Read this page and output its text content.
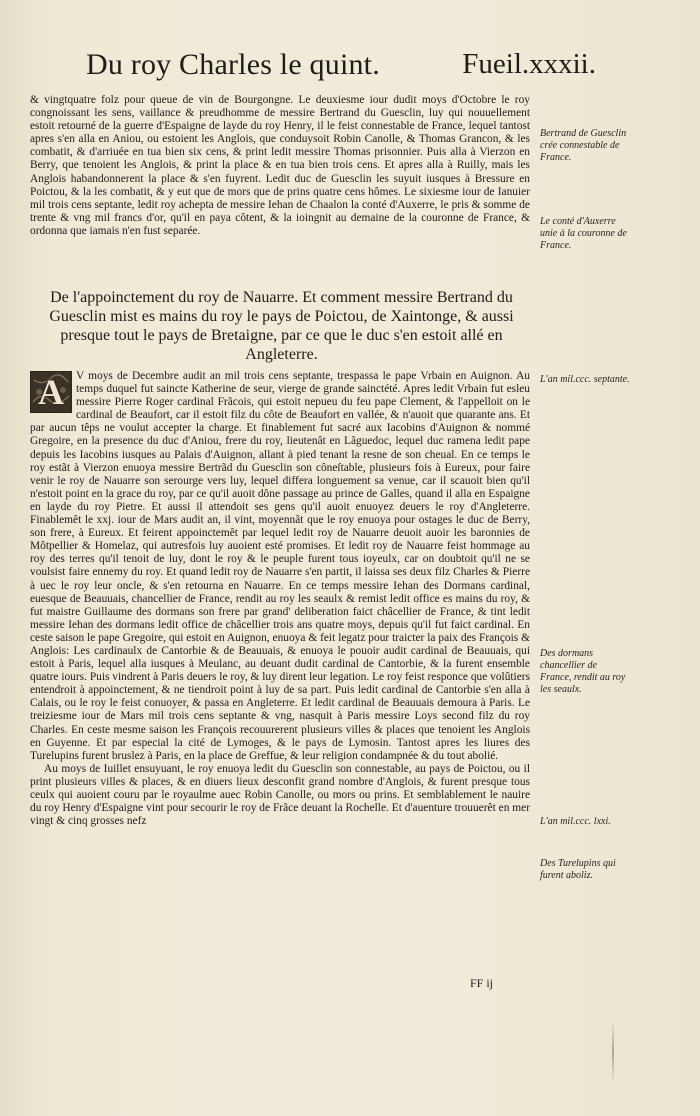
Du roy Charles le quint.	Fueil.xxxii.

& vingtquatre folz pour queue de vin de Bourgongne. Le deuxiesme iour dudit moys d'Octobre le roy congnoissant les sens, vaillance & preudhomme de messire Bertrand du Guesclin, luy qui nouuellement estoit retourné de la guerre d'Espaigne de layde du roy Henry, il le feist connestable de France, lequel tantost apres s'en alla en Aniou, ou estoient les Anglois, que conduysoit Robin Canolle, & Thomas Grancon, & les combatit, & d'arriuée en tua bien six cens, & print ledit messire Thomas prisonnier. Puis alla à Vierzon en Berry, que tenoient les Anglois, & print la place & en tua bien trois cens. Et apres alla à Ruilly, mais les Anglois habandonnerent la place & s'en fuyrent. Ledit duc de Guesclin les suyuit iusques à Bressure en Poictou, & la les combatit, & y eut que de mors que de prins quatre cens hômes. Le sixiesme iour de Ianuier mil trois cens septante, ledit roy achepta de messire Iehan de Chaalon la conté d'Auxerre, le pris & somme de trente & vng mil francs d'or, qu'il en paya côtent, & la ioingnit au demaine de la couronne de France, & ordonna que iamais n'en fust separée.

De l'appoinctement du roy de Nauarre. Et comment messire Bertrand du Guesclin mist es mains du roy le pays de Poictou, de Xaintonge, & aussi presque tout le pays de Bretaigne, par ce que le duc s'en estoit allé en Angleterre.
A	V moys de Decembre audit an mil trois cens septante, trespassa le pape Vrbain en Auignon. Au temps duquel fut saincte Katherine de seur, vierge de grande sainctété. Apres ledit Vrbain fut esleu messire Pierre Roger cardinal Frãcois, qui estoit nepueu du feu pape Clement, & l'appelloit on le cardinal de Beaufort, car il estoit filz du côte de Beaufort en vallée, & n'auoit que quarante ans. Et par aucun têps ne voulut accepter la charge. Et finablement fut sacré aux Iacobins d'Auignon & nommé Gregoire, en la presence du duc d'Aniou, frere du roy, lieutenât en Lãguedoc, lequel duc ramena ledit pape depuis les Iacobins iusques au Palais d'Auignon, allant à pied tenant la resne de son cheual. En ce temps le roy estãt à Vierzon enuoya messire Bertrãd du Guesclin son côneſtable, plusieurs fois à Eureux, pour faire venir le roy de Nauarre son serourge vers luy, lequel differa longuement sa venue, car il scauoit bien qu'il n'estoit point en la grace du roy, par ce qu'il auoit dône passage au prince de Galles, quand il alla en Espaigne en layde du roy Pietre. Et aussi il attendoit ses gens qu'il auoit enuoyez deuers le roy d'Angleterre. Finablemêt le xxj. iour de Mars audit an, il vint, moyennãt que le roy enuoya pour ostages le duc de Berry, son frere, à Eureux. Et feirent appoinctemêt par lequel ledit roy de Nauarre deuoit auoir les baronnies de Môtpellier & Homelaz, qui autresfois luy auoient esté promises. Et ledit roy de Nauarre feist hommage au roy des terres qu'il tenoit de luy, dont le roy & le peuple furent tous ioyeulx, car on doubtoit qu'il ne se voulsist faire ennemy du roy. Et quand ledit roy de Nauarre s'en partit, il laissa ses deux filz Charles & Pierre à uec le roy leur oncle, & s'en retourna en Nauarre. En ce temps messire Iehan des Dormans cardinal, euesque de Beauuais, chancellier de France, rendit au roy les seaulx & remist ledit office es mains du roy, & fut maistre Guillaume des dormans son frere par grand' deliberation faict châcellier de France, & tint ledit messire Iehan des dormans ledit office de châcellier trois ans quatre moys, depuis qu'il fut faict cardinal. En ceste saison le pape Gregoire, qui estoit en Auignon, enuoya & feit legatz pour traicter la paix des François & Anglois: Les cardinaulx de Cantorbie & de Beauuais, & enuoya le pouoir audit cardinal de Beauuais, qui estoit à Paris, lequel alla iusques à Meulanc, au deuant dudit cardinal de Cantorbie, & la furent ensemble quatre iours. Puis vindrent à Paris deuers le roy, & luy dirent leur legation. Le roy feist responce que volûtiers entendroit à appoinctement, & ne tiendroit point à luy de sa part. Puis ledit cardinal de Cantorbie s'en alla à Calais, ou le roy le feist conuoyer, & passa en Angleterre. Et ledit cardinal de Beauuais demoura à Paris. Le treiziesme iour de Mars mil trois cens septante & vng, nasquit à Paris messire Loys second filz du roy Charles. En ceste mesme saison les François recouurerent plusieurs villes & places que tenoient les Anglois en Guyenne. Et par especial la cité de Lymoges, & le pays de Lymosin. Tantost apres les liures des Turelupins furent bruslez à Paris, en la place de Greffue, & leur religion condampnée & du tout abolié.

Au moys de Iuillet ensuyuant, le roy enuoya ledit du Guesclin son connestable, au pays de Poictou, ou il print plusieurs villes & places, & en diuers lieux desconfit grand nombre d'Anglois, & furent presque tous ceulx qui auoient couru par le royaulme auec Robin Canolle, ou mors ou prins. Et semblablement le nauire du roy Henry d'Espaigne vint pour secourir le roy de Frãce deuant la Rochelle. Et d'auenture trouuerêt en mer vingt & cinq grosses nefz

Bertrand de Guesclin crée connestable de France.
Le conté d'Auxerre unie à la couronne de France.
L'an mil.ccc. septante.
Des dormans chancellier de France, rendit au roy les seaulx.
L'an mil.ccc. lxxi.
Des Turelupins qui furent aboliz.
FF ij
